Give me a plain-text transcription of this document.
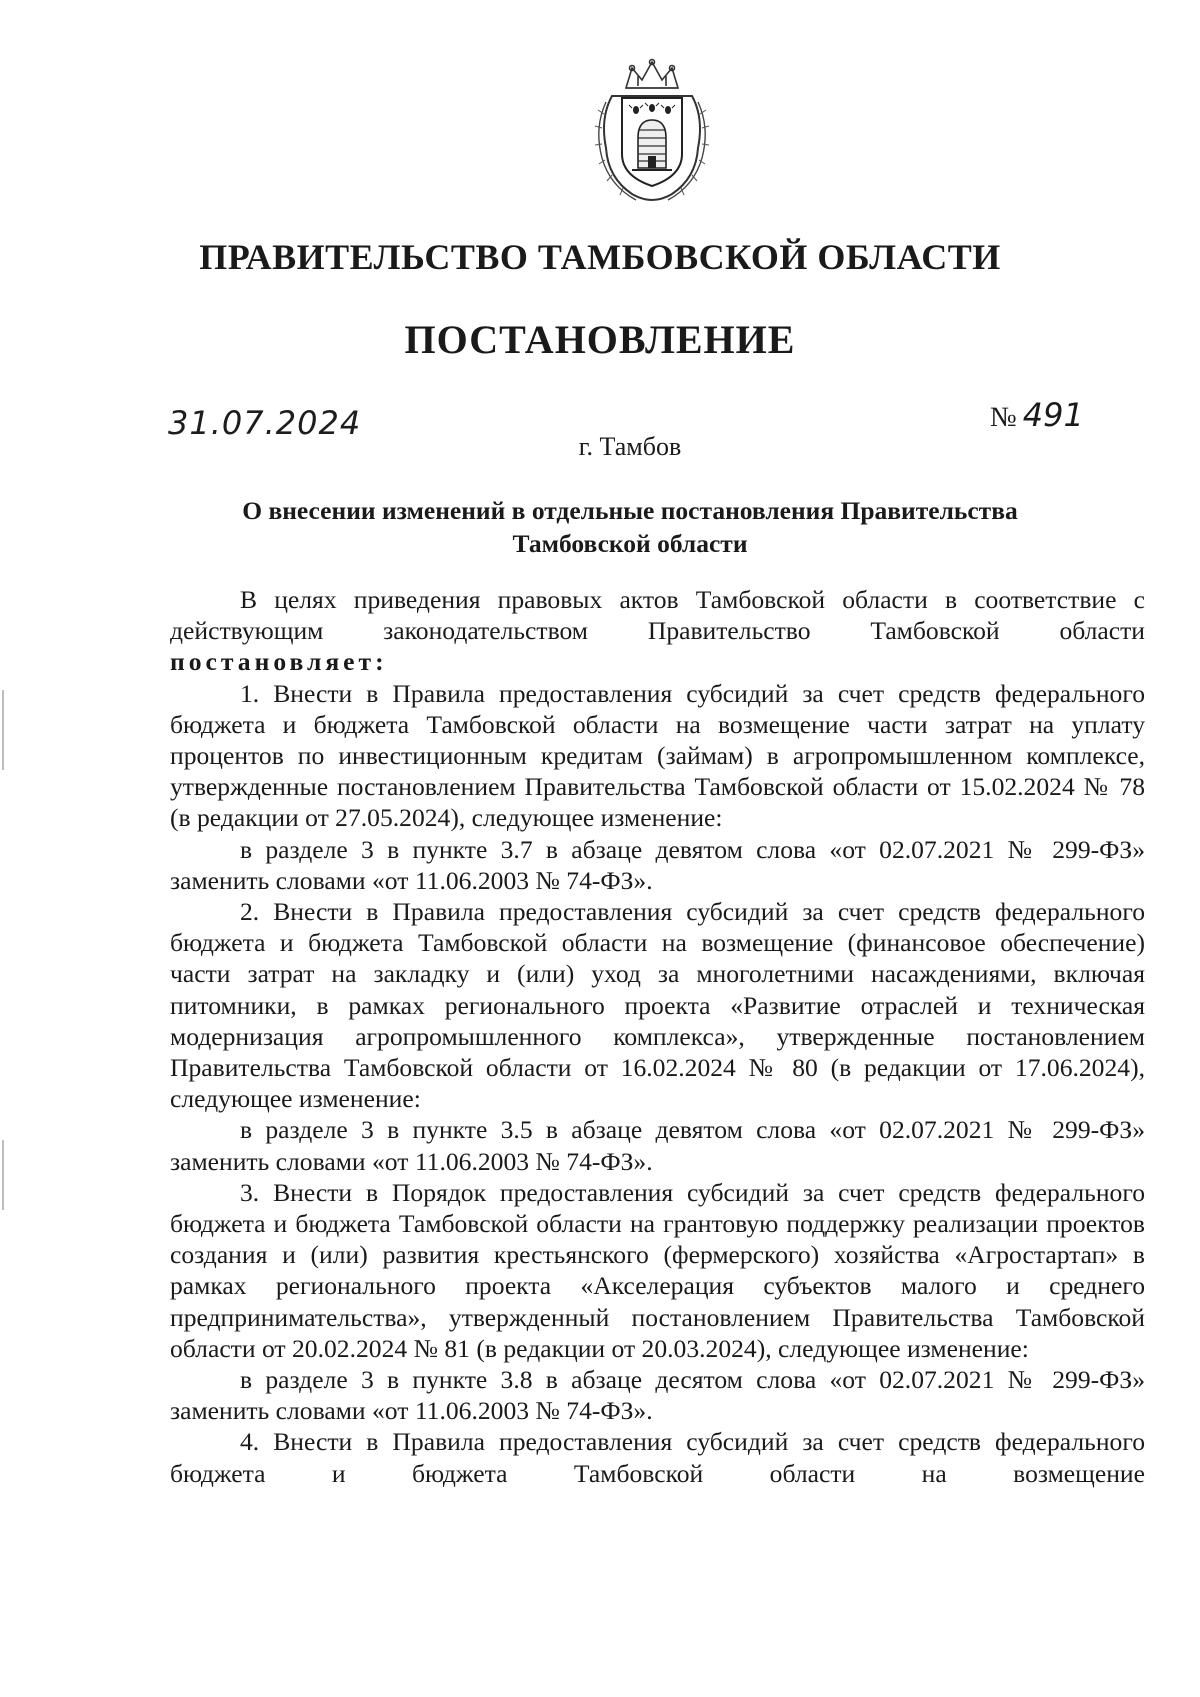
ПРАВИТЕЛЬСТВО ТАМБОВСКОЙ ОБЛАСТИ
ПОСТАНОВЛЕНИЕ
31.07.2024	№ 491
г. Тамбов
О внесении изменений в отдельные постановления Правительства Тамбовской области

В целях приведения правовых актов Тамбовской области в соответствие с действующим законодательством Правительство Тамбовской области

постановляет:

1. Внести в Правила предоставления субсидий за счет средств федерального бюджета и бюджета Тамбовской области на возмещение части затрат на уплату процентов по инвестиционным кредитам (займам) в агропромышленном комплексе, утвержденные постановлением Правительства Тамбовской области от 15.02.2024 № 78 (в редакции от 27.05.2024), следующее изменение:

в разделе 3 в пункте 3.7 в абзаце девятом слова «от 02.07.2021 № 299-ФЗ» заменить словами «от 11.06.2003 № 74-ФЗ».

2. Внести в Правила предоставления субсидий за счет средств федерального бюджета и бюджета Тамбовской области на возмещение (финансовое обеспечение) части затрат на закладку и (или) уход за многолетними насаждениями, включая питомники, в рамках регионального проекта «Развитие отраслей и техническая модернизация агропромышленного комплекса», утвержденные постановлением Правительства Тамбовской области от 16.02.2024 № 80 (в редакции от 17.06.2024), следующее изменение:

в разделе 3 в пункте 3.5 в абзаце девятом слова «от 02.07.2021 № 299-ФЗ» заменить словами «от 11.06.2003 № 74-ФЗ».

3. Внести в Порядок предоставления субсидий за счет средств федерального бюджета и бюджета Тамбовской области на грантовую поддержку реализации проектов создания и (или) развития крестьянского (фермерского) хозяйства «Агростартап» в рамках регионального проекта «Акселерация субъектов малого и среднего предпринимательства», утвержденный постановлением Правительства Тамбовской области от 20.02.2024 № 81 (в редакции от 20.03.2024), следующее изменение:

в разделе 3 в пункте 3.8 в абзаце десятом слова «от 02.07.2021 № 299-ФЗ» заменить словами «от 11.06.2003 № 74-ФЗ».

4. Внести в Правила предоставления субсидий за счет средств федерального бюджета и бюджета Тамбовской области на возмещение
